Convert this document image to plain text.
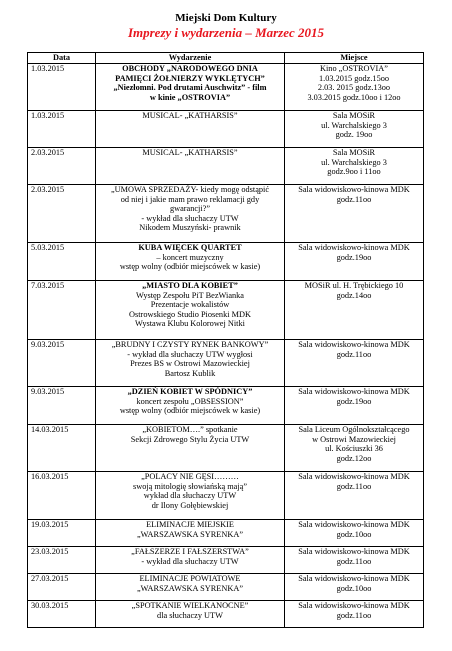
Miejski Dom Kultury
Imprezy i wydarzenia – Marzec 2015
Data	Wydarzenie	Miejsce
1.03.2015	OBCHODY „NARODOWEGO DNIA
PAMIĘCI ŻOŁNIERZY WYKLĘTYCH”
„Niezłomni. Pod drutami Auschwitz” - film
w kinie „OSTROVIA”	Kino „OSTROVIA”
1.03.2015 godz.15oo
2.03. 2015 godz.13oo
3.03.2015 godz.10oo i 12oo

1.03.2015	MUSICAL- „KATHARSIS”	Sala MOSiR
ul. Warchalskiego 3
godz. 19oo

2.03.2015	MUSICAL- „KATHARSIS”	Sala MOSiR
ul. Warchalskiego 3
godz.9oo i 11oo

2.03.2015	„UMOWA SPRZEDAŻY- kiedy mogę odstąpić
od niej i jakie mam prawo reklamacji gdy
gwarancji?”
- wykład dla słuchaczy UTW
Nikodem Muszyński- prawnik	Sala widowiskowo-kinowa MDK
godz.11oo

5.03.2015	KUBA WIĘCEK QUARTET
– koncert muzyczny
wstęp wolny (odbiór miejscówek w kasie)	Sala widowiskowo-kinowa MDK
godz.19oo

7.03.2015	„MIASTO DLA KOBIET”
Występ Zespołu PiT BezWianka
Prezentacje wokalistów
Ostrowskiego Studio Piosenki MDK
Wystawa Klubu Kolorowej Nitki	MOSiR ul. H. Trębickiego 10
godz.14oo

9.03.2015	„BRUDNY I CZYSTY RYNEK BANKOWY”
- wykład dla słuchaczy UTW wygłosi
Prezes BS w Ostrowi Mazowieckiej
Bartosz Kublik	Sala widowiskowo-kinowa MDK
godz.11oo

9.03.2015	„DZIEŃ KOBIET W SPÓDNICY”
koncert zespołu „OBSESSION”
wstęp wolny (odbiór miejscówek w kasie)	Sala widowiskowo-kinowa MDK
godz.19oo

14.03.2015	„KOBIETOM….” spotkanie
Sekcji Zdrowego Stylu Życia UTW	Sala Liceum Ogólnokształcącego
w Ostrowi Mazowieckiej
ul. Kościuszki 36
godz.12oo

16.03.2015	„POLACY NIE GĘSI………
swoją mitologię słowiańską mają”
wykład dla słuchaczy UTW
dr Ilony Gołębiewskiej	Sala widowiskowo-kinowa MDK
godz.11oo

19.03.2015	ELIMINACJE MIEJSKIE
„WARSZAWSKA SYRENKA”	Sala widowiskowo-kinowa MDK
godz.10oo

23.03.2015	„FAŁSZERZE I FAŁSZERSTWA”
- wykład dla słuchaczy UTW	Sala widowiskowo-kinowa MDK
godz.11oo

27.03.2015	ELIMINACJE POWIATOWE
„WARSZAWSKA SYRENKA”	Sala widowiskowo-kinowa MDK
godz.10oo

30.03.2015	„SPOTKANIE WIELKANOCNE”
dla słuchaczy UTW	Sala widowiskowo-kinowa MDK
godz.11oo
